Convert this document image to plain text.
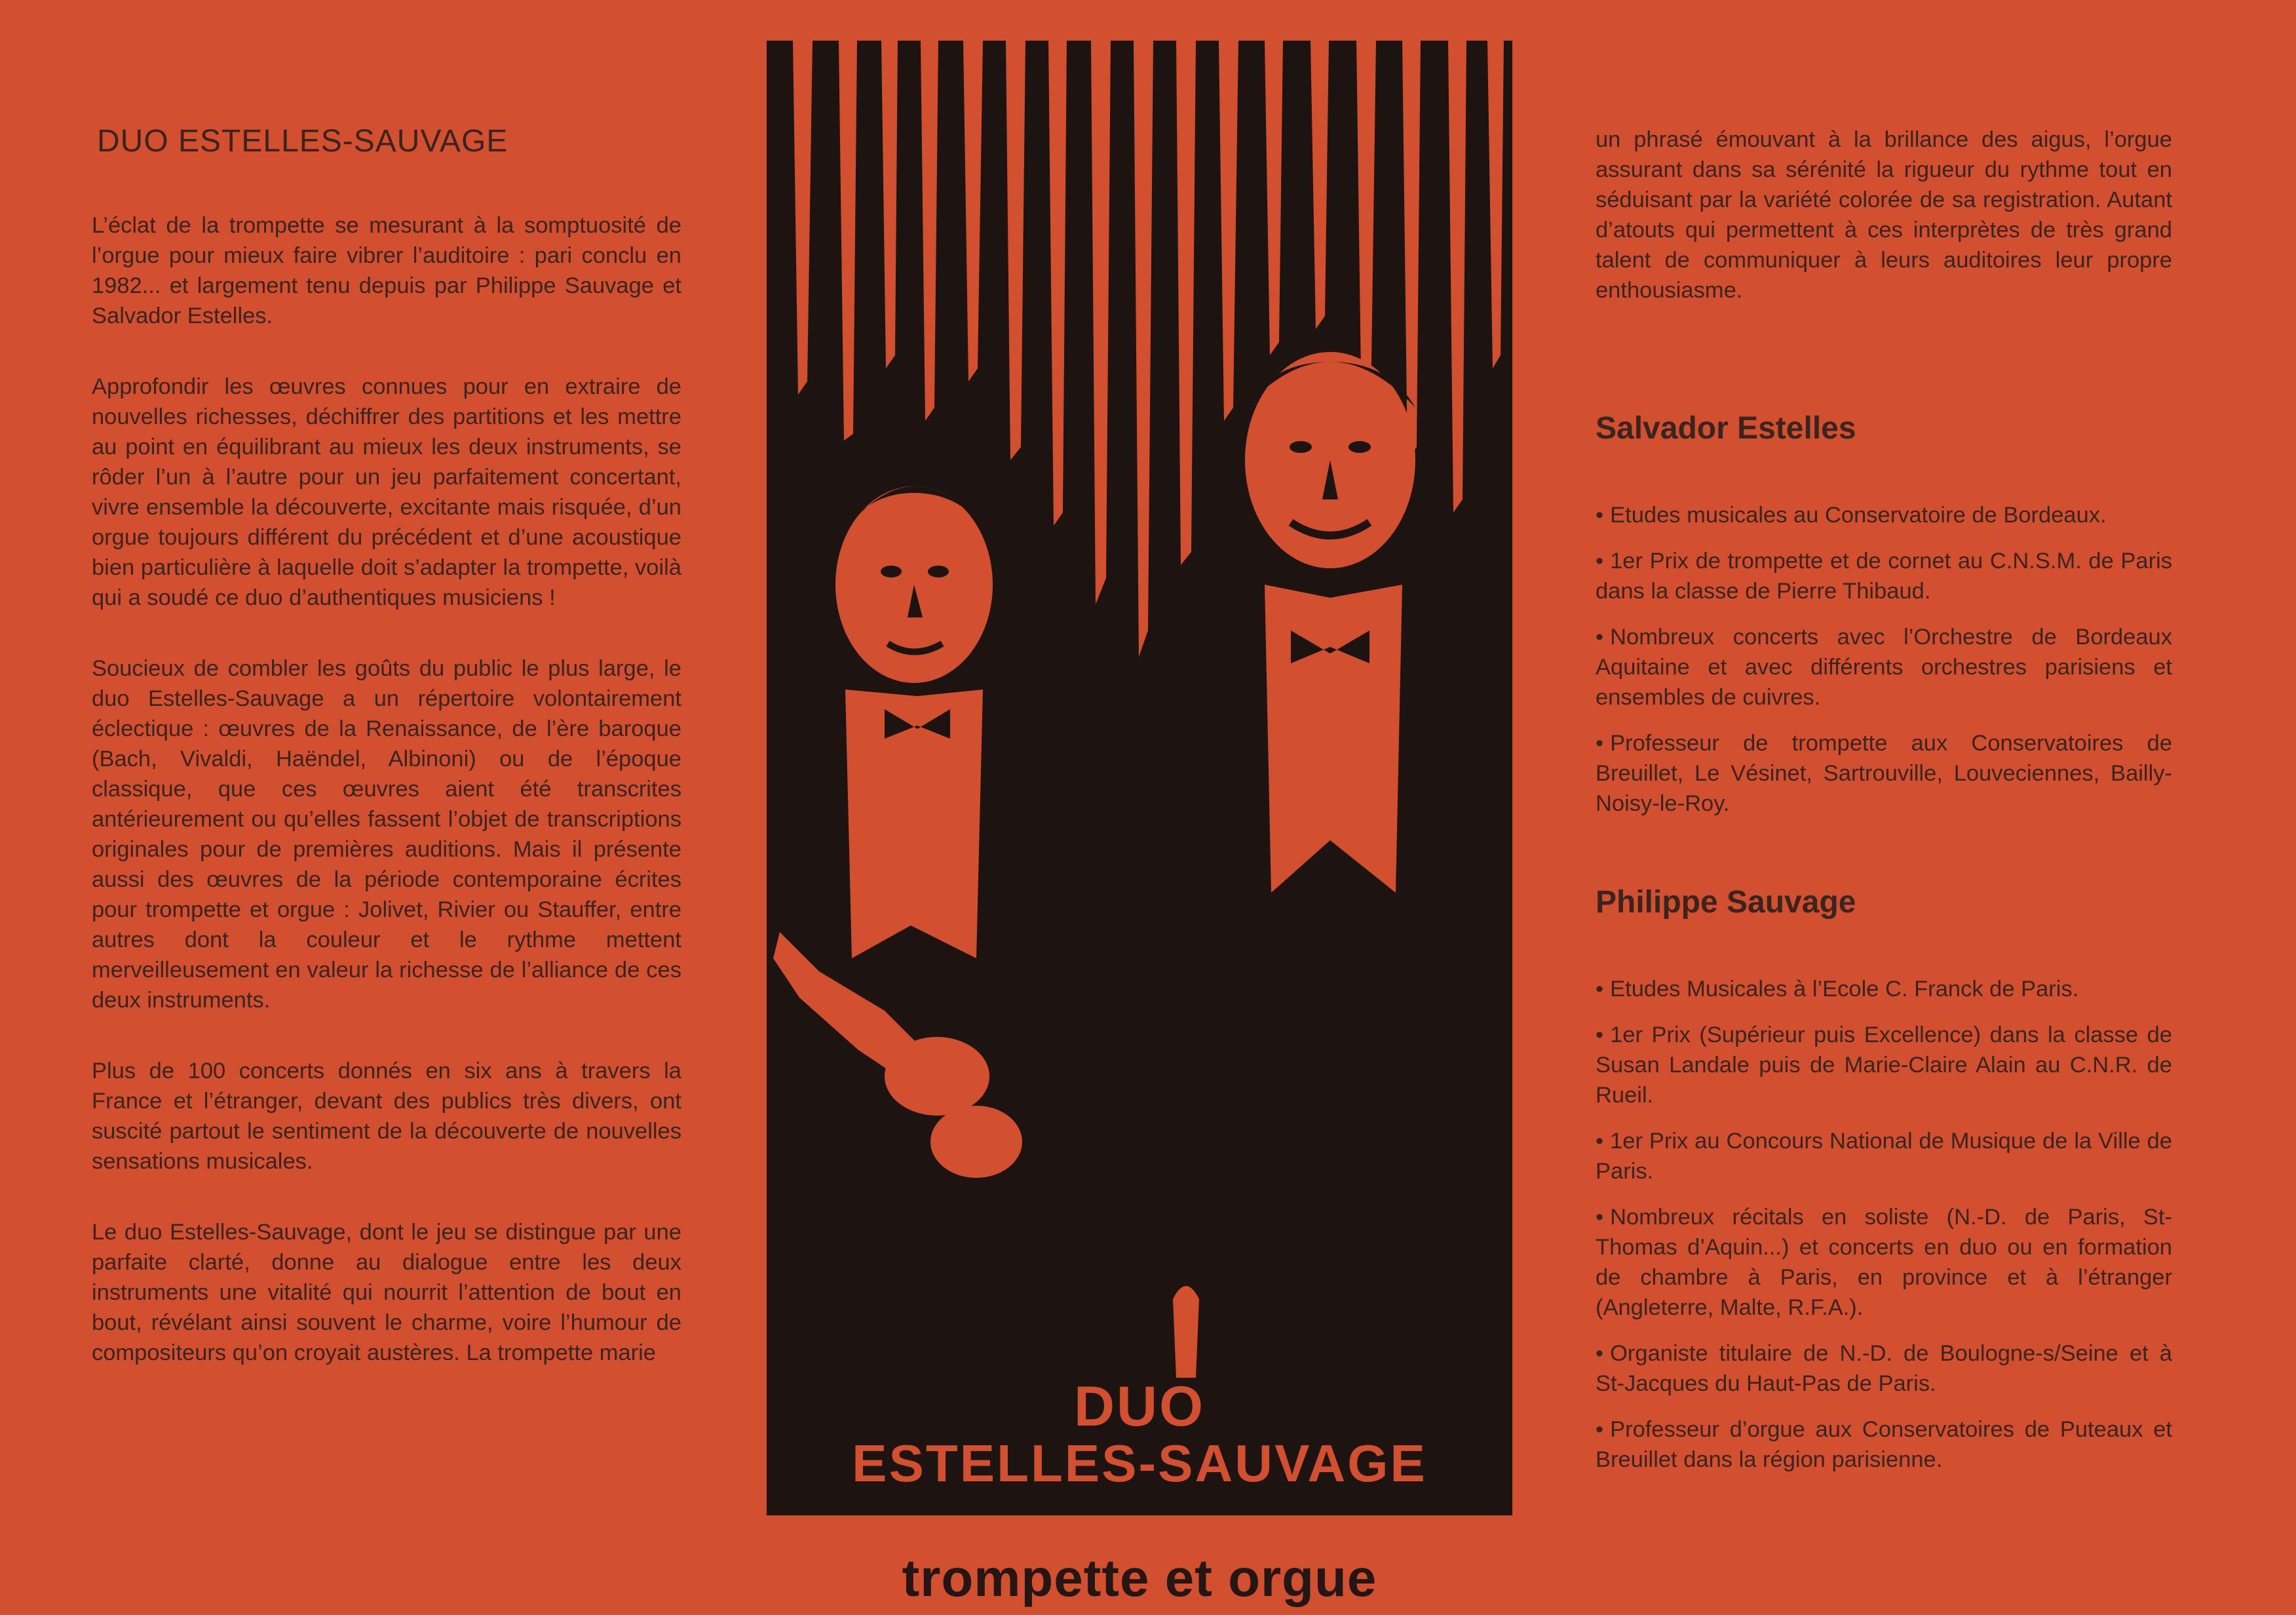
DUO ESTELLES-SAUVAGE

L’éclat de la trompette se mesurant à la somptuosité de l’orgue pour mieux faire vibrer l’auditoire : pari conclu en 1982... et largement tenu depuis par Philippe Sauvage et Salvador Estelles.

Approfondir les œuvres connues pour en extraire de nouvelles richesses, déchiffrer des partitions et les mettre au point en équilibrant au mieux les deux instruments, se rôder l’un à l’autre pour un jeu parfaitement concertant, vivre ensemble la découverte, excitante mais risquée, d’un orgue toujours différent du précédent et d’une acoustique bien particulière à laquelle doit s’adapter la trompette, voilà qui a soudé ce duo d’authentiques musiciens !

Soucieux de combler les goûts du public le plus large, le duo Estelles-Sauvage a un répertoire volontairement éclectique : œuvres de la Renaissance, de l’ère baroque (Bach, Vivaldi, Haëndel, Albinoni) ou de l’époque classique, que ces œuvres aient été transcrites antérieurement ou qu’elles fassent l’objet de transcriptions originales pour de premières auditions. Mais il présente aussi des œuvres de la période contemporaine écrites pour trompette et orgue : Jolivet, Rivier ou Stauffer, entre autres dont la couleur et le rythme mettent merveilleusement en valeur la richesse de l’alliance de ces deux instruments.

Plus de 100 concerts donnés en six ans à travers la France et l’étranger, devant des publics très divers, ont suscité partout le sentiment de la découverte de nouvelles sensations musicales.

Le duo Estelles-Sauvage, dont le jeu se distingue par une parfaite clarté, donne au dialogue entre les deux instruments une vitalité qui nourrit l’attention de bout en bout, révélant ainsi souvent le charme, voire l’humour de compositeurs qu’on croyait austères. La trompette marie

DUO
ESTELLES-SAUVAGE
trompette et orgue

un phrasé émouvant à la brillance des aigus, l’orgue assurant dans sa sérénité la rigueur du rythme tout en séduisant par la variété colorée de sa registration. Autant d’atouts qui permettent à ces interprètes de très grand talent de communiquer à leurs auditoires leur propre enthousiasme.

Salvador Estelles
• Etudes musicales au Conservatoire de Bordeaux.
• 1er Prix de trompette et de cornet au C.N.S.M. de Paris dans la classe de Pierre Thibaud.
• Nombreux concerts avec l’Orchestre de Bordeaux Aquitaine et avec différents orchestres parisiens et ensembles de cuivres.
• Professeur de trompette aux Conservatoires de Breuillet, Le Vésinet, Sartrouville, Louveciennes, Bailly-Noisy-le-Roy.
Philippe Sauvage
• Etudes Musicales à l’Ecole C. Franck de Paris.
• 1er Prix (Supérieur puis Excellence) dans la classe de Susan Landale puis de Marie-Claire Alain au C.N.R. de Rueil.
• 1er Prix au Concours National de Musique de la Ville de Paris.
• Nombreux récitals en soliste (N.-D. de Paris, St-Thomas d’Aquin...) et concerts en duo ou en formation de chambre à Paris, en province et à l’étranger (Angleterre, Malte, R.F.A.).
• Organiste titulaire de N.-D. de Boulogne-s/Seine et à St-Jacques du Haut-Pas de Paris.
• Professeur d’orgue aux Conservatoires de Puteaux et Breuillet dans la région parisienne.
